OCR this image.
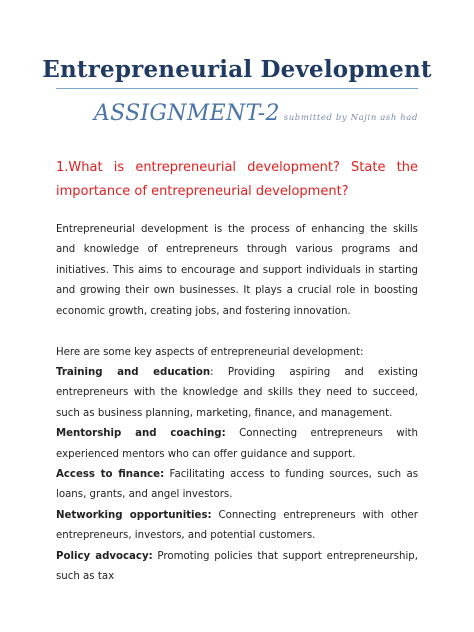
Entrepreneurial Development
ASSIGNMENT-2 submitted by Najin ash had
1.What is entrepreneurial development? State the importance of entrepreneurial development?
Entrepreneurial development is the process of enhancing the skills and knowledge of entrepreneurs through various programs and initiatives. This aims to encourage and support individuals in starting and growing their own businesses. It plays a crucial role in boosting economic growth, creating jobs, and fostering innovation.
Here are some key aspects of entrepreneurial development:

Training and education: Providing aspiring and existing entrepreneurs with the knowledge and skills they need to succeed, such as business planning, marketing, finance, and management.

Mentorship and coaching: Connecting entrepreneurs with experienced mentors who can offer guidance and support.

Access to finance: Facilitating access to funding sources, such as loans, grants, and angel investors.

Networking opportunities: Connecting entrepreneurs with other entrepreneurs, investors, and potential customers.

Policy advocacy: Promoting policies that support entrepreneurship, such as tax
